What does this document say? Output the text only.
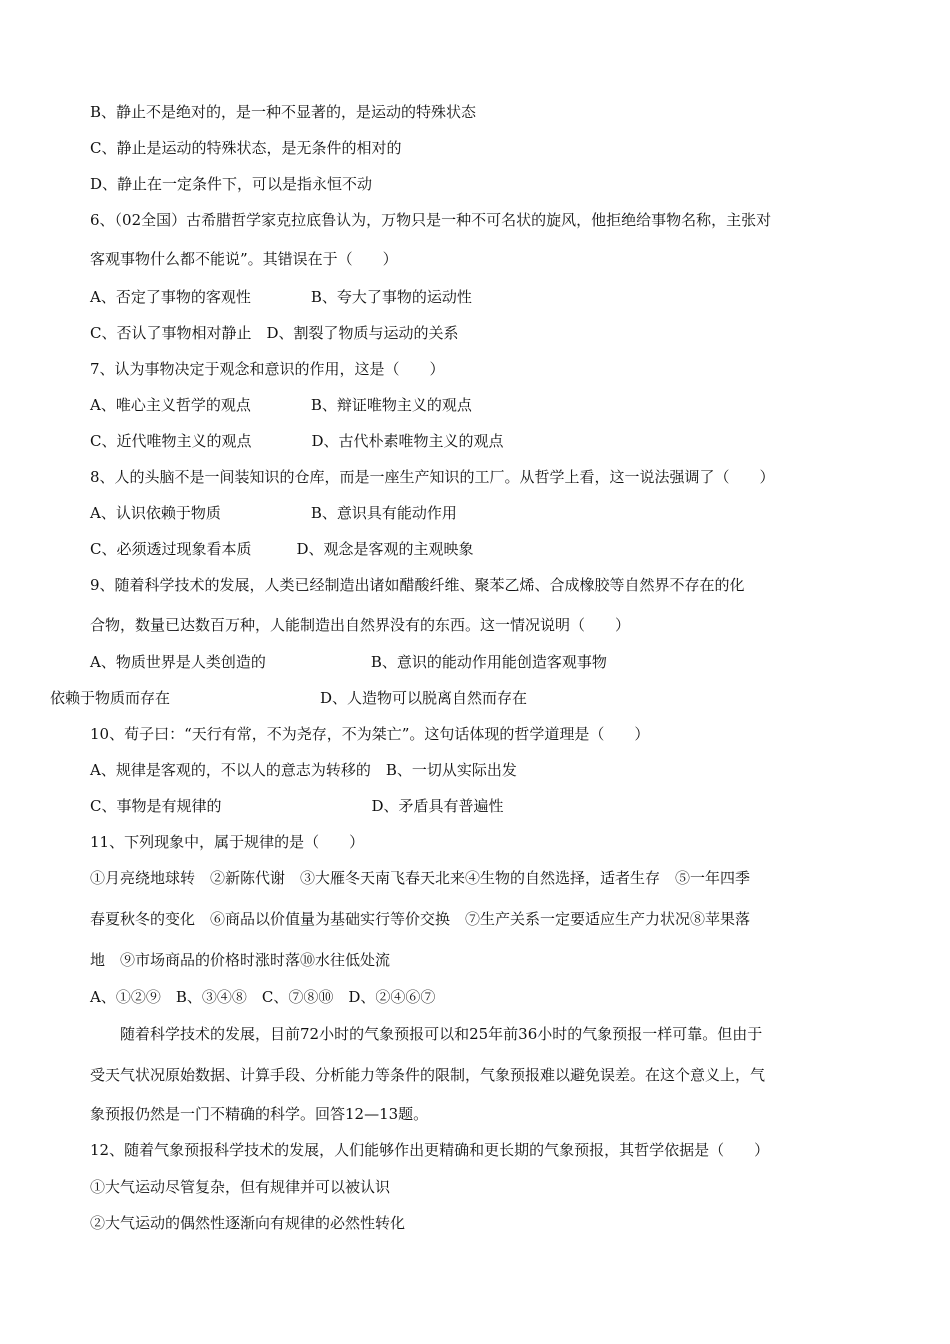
B、静止不是绝对的，是一种不显著的，是运动的特殊状态
C、静止是运动的特殊状态，是无条件的相对的
D、静止在一定条件下，可以是指永恒不动
6、（02全国）古希腊哲学家克拉底鲁认为，万物只是一种不可名状的旋风，他拒绝给事物名称，主张对
客观事物什么都不能说”。其错误在于（　　）
A、否定了事物的客观性　　　　B、夸大了事物的运动性
C、否认了事物相对静止　D、割裂了物质与运动的关系
7、认为事物决定于观念和意识的作用，这是（　　）
A、唯心主义哲学的观点　　　　B、辩证唯物主义的观点
C、近代唯物主义的观点　　　　D、古代朴素唯物主义的观点
8、人的头脑不是一间装知识的仓库，而是一座生产知识的工厂。从哲学上看，这一说法强调了（　　）
A、认识依赖于物质　　　　　　B、意识具有能动作用
C、必须透过现象看本质　　　D、观念是客观的主观映象
9、随着科学技术的发展，人类已经制造出诸如醋酸纤维、聚苯乙烯、合成橡胶等自然界不存在的化
合物，数量已达数百万种，人能制造出自然界没有的东西。这一情况说明（　　）
A、物质世界是人类创造的　　　　　　　B、意识的能动作用能创造客观事物
依赖于物质而存在　　　　　　　　　　D、人造物可以脱离自然而存在
10、荀子曰：“天行有常，不为尧存，不为桀亡”。这句话体现的哲学道理是（　　）
A、规律是客观的，不以人的意志为转移的　B、一切从实际出发
C、事物是有规律的　　　　　　　　　　D、矛盾具有普遍性
11、下列现象中，属于规律的是（　　）
①月亮绕地球转　②新陈代谢　③大雁冬天南飞春天北来④生物的自然选择，适者生存　⑤一年四季
春夏秋冬的变化　⑥商品以价值量为基础实行等价交换　⑦生产关系一定要适应生产力状况⑧苹果落
地　⑨市场商品的价格时涨时落⑩水往低处流
A、①②⑨　B、③④⑧　C、⑦⑧⑩　D、②④⑥⑦
　　随着科学技术的发展，目前72小时的气象预报可以和25年前36小时的气象预报一样可靠。但由于
受天气状况原始数据、计算手段、分析能力等条件的限制，气象预报难以避免误差。在这个意义上，气
象预报仍然是一门不精确的科学。回答12—13题。
12、随着气象预报科学技术的发展，人们能够作出更精确和更长期的气象预报，其哲学依据是（　　）
①大气运动尽管复杂，但有规律并可以被认识
②大气运动的偶然性逐渐向有规律的必然性转化
